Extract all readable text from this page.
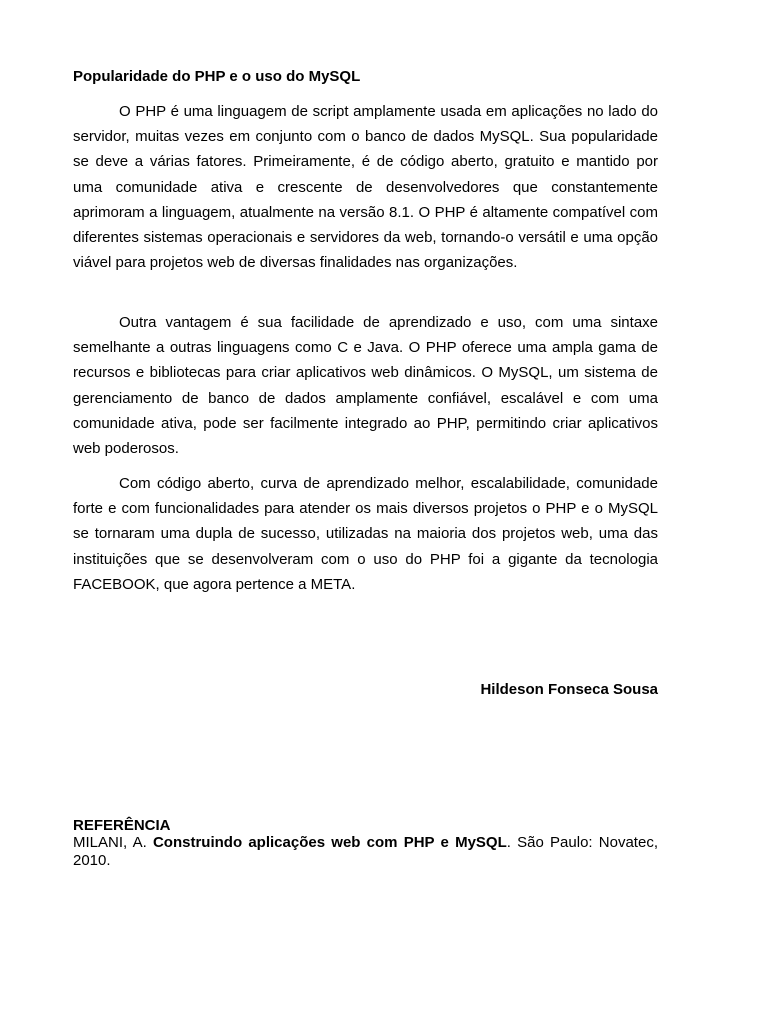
Popularidade do PHP e o uso do MySQL

O PHP é uma linguagem de script amplamente usada em aplicações no lado do servidor, muitas vezes em conjunto com o banco de dados MySQL. Sua popularidade se deve a várias fatores. Primeiramente, é de código aberto, gratuito e mantido por uma comunidade ativa e crescente de desenvolvedores que constantemente aprimoram a linguagem, atualmente na versão 8.1. O PHP é altamente compatível com diferentes sistemas operacionais e servidores da web, tornando-o versátil e uma opção viável para projetos web de diversas finalidades nas organizações.

Outra vantagem é sua facilidade de aprendizado e uso, com uma sintaxe semelhante a outras linguagens como C e Java. O PHP oferece uma ampla gama de recursos e bibliotecas para criar aplicativos web dinâmicos. O MySQL, um sistema de gerenciamento de banco de dados amplamente confiável, escalável e com uma comunidade ativa, pode ser facilmente integrado ao PHP, permitindo criar aplicativos web poderosos.

Com código aberto, curva de aprendizado melhor, escalabilidade, comunidade forte e com funcionalidades para atender os mais diversos projetos o PHP e o MySQL se tornaram uma dupla de sucesso, utilizadas na maioria dos projetos web, uma das instituições que se desenvolveram com o uso do PHP foi a gigante da tecnologia FACEBOOK, que agora pertence a META.

Hildeson Fonseca Sousa

REFERÊNCIA

MILANI, A. Construindo aplicações web com PHP e MySQL. São Paulo: Novatec, 2010.
